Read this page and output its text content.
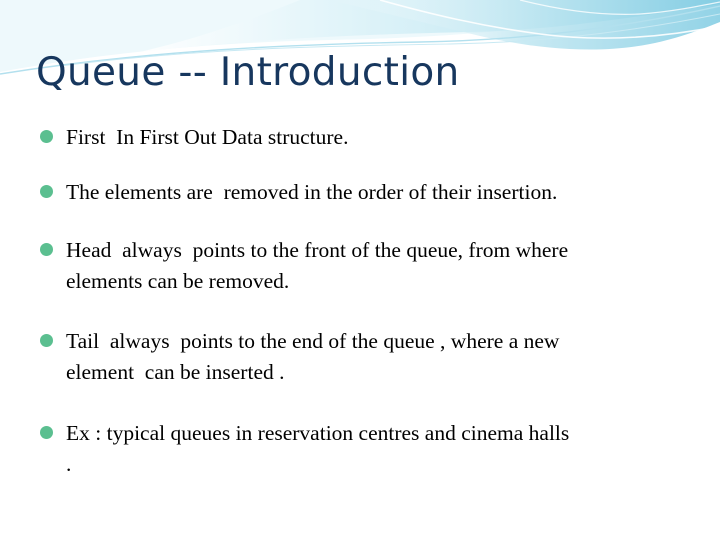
Queue -- Introduction
First  In First Out Data structure.
The elements are  removed in the order of their insertion.
Head  always  points to the front of the queue, from where
elements can be removed.
Tail  always  points to the end of the queue , where a new
element  can be inserted .
Ex : typical queues in reservation centres and cinema halls
.
